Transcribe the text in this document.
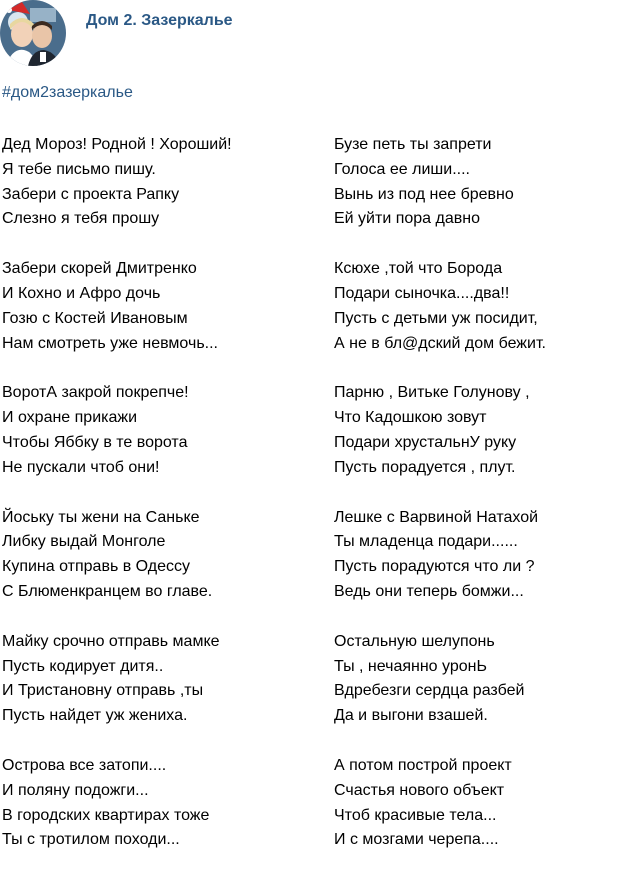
Дом 2. Зазеркалье
#дом2зазеркалье
Дед Мороз! Родной ! Хороший!
Я тебе письмо пишу.
Забери с проекта Рапку
Слезно я тебя прошу
Забери скорей Дмитренко
И Кохно и Афро дочь
Гозю с Костей Ивановым
Нам смотреть уже невмочь...
ВоротА закрой покрепче!
И охране прикажи
Чтобы Яббку в те ворота
Не пускали чтоб они!
Йоську ты жени на Саньке
Либку выдай Монголе
Купина отправь в Одессу
С Блюменкранцем во главе.
Майку срочно отправь мамке
Пусть кодирует дитя..
И Тристановну отправь ,ты
Пусть найдет уж жениха.
Острова все затопи....
И поляну подожги...
В городских квартирах тоже
Ты с тротилом походи...
Бузе петь ты запрети
Голоса ее лиши....
Вынь из под нее бревно
Ей уйти пора давно
Ксюхе ,той что Борода
Подари сыночка....два!!
Пусть с детьми уж посидит,
А не в бл@дский дом бежит.
Парню , Витьке Голунову ,
Что Кадошкою зовут
Подари хрустальнУ руку
Пусть порадуется , плут.
Лешке с Варвиной Натахой
Ты младенца подари......
Пусть порадуются что ли ?
Ведь они теперь бомжи...
Остальную шелупонь
Ты , нечаянно уронЬ
Вдребезги сердца разбей
Да и выгони взашей.
А потом построй проект
Счастья нового объект
Чтоб красивые тела...
И с мозгами черепа....
